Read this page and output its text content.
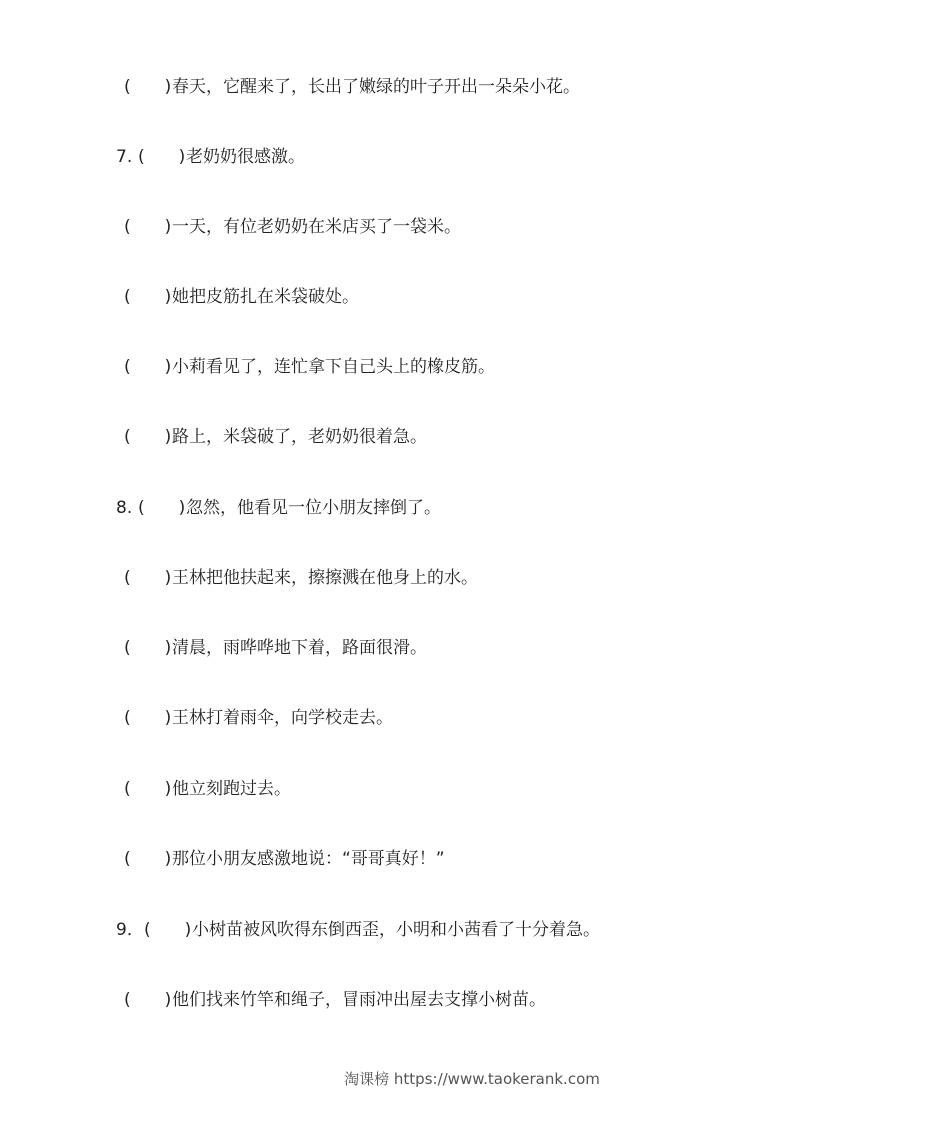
(　　)春天，它醒来了，长出了嫩绿的叶子开出一朵朵小花。
7. (　　)老奶奶很感激。
(　　)一天，有位老奶奶在米店买了一袋米。
(　　)她把皮筋扎在米袋破处。
(　　)小莉看见了，连忙拿下自己头上的橡皮筋。
(　　)路上，米袋破了，老奶奶很着急。
8. (　　)忽然，他看见一位小朋友摔倒了。
(　　)王林把他扶起来，擦擦溅在他身上的水。
(　　)清晨，雨哗哗地下着，路面很滑。
(　　)王林打着雨伞，向学校走去。
(　　)他立刻跑过去。
(　　)那位小朋友感激地说：“哥哥真好！”
9．(　　)小树苗被风吹得东倒西歪，小明和小茜看了十分着急。
(　　)他们找来竹竿和绳子，冒雨冲出屋去支撑小树苗。
淘课榜 https://www.taokerank.com
